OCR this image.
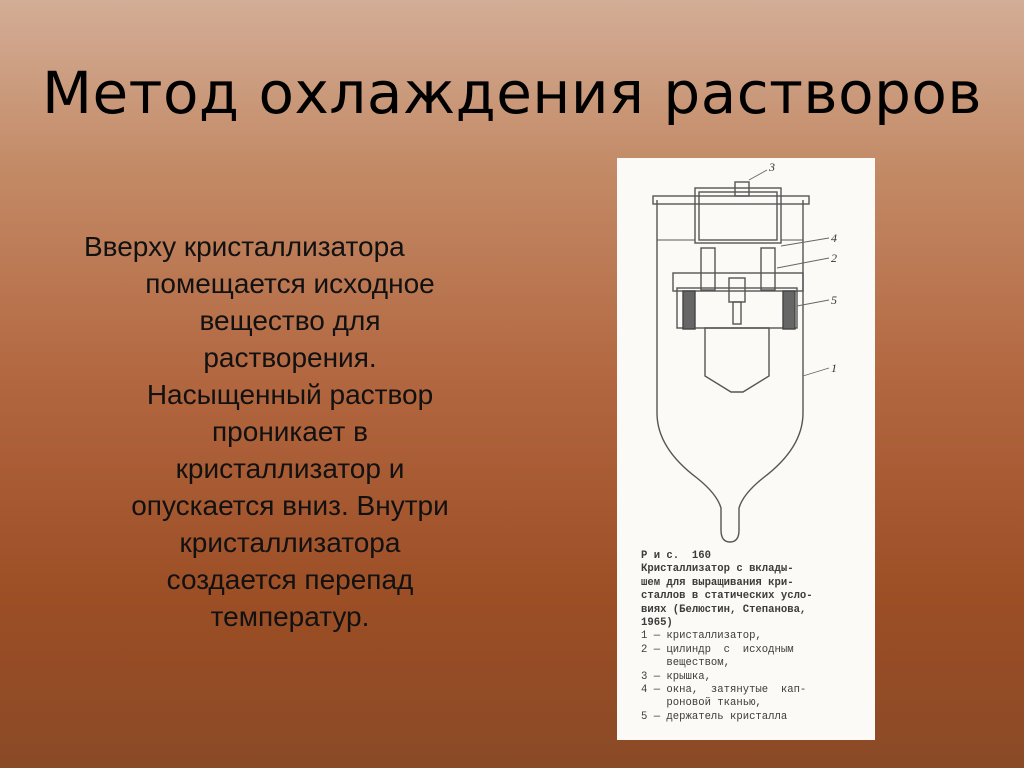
Метод охлаждения растворов
Вверху кристаллизатора
помещается исходное
вещество для
растворения.
Насыщенный раствор
проникает в
кристаллизатор и
опускается вниз. Внутри
кристаллизатора
создается перепад
температур.
3
4
2
5
1
Р и с.  160
Кристаллизатор с вклады-
шем для выращивания кри-
сталлов в статических усло-
виях (Белюстин, Степанова,
1965)
1 — кристаллизатор,
2 — цилиндр  с  исходным
веществом,
3 — крышка,
4 — окна,  затянутые  кап-
роновой тканью,
5 — держатель кристалла
